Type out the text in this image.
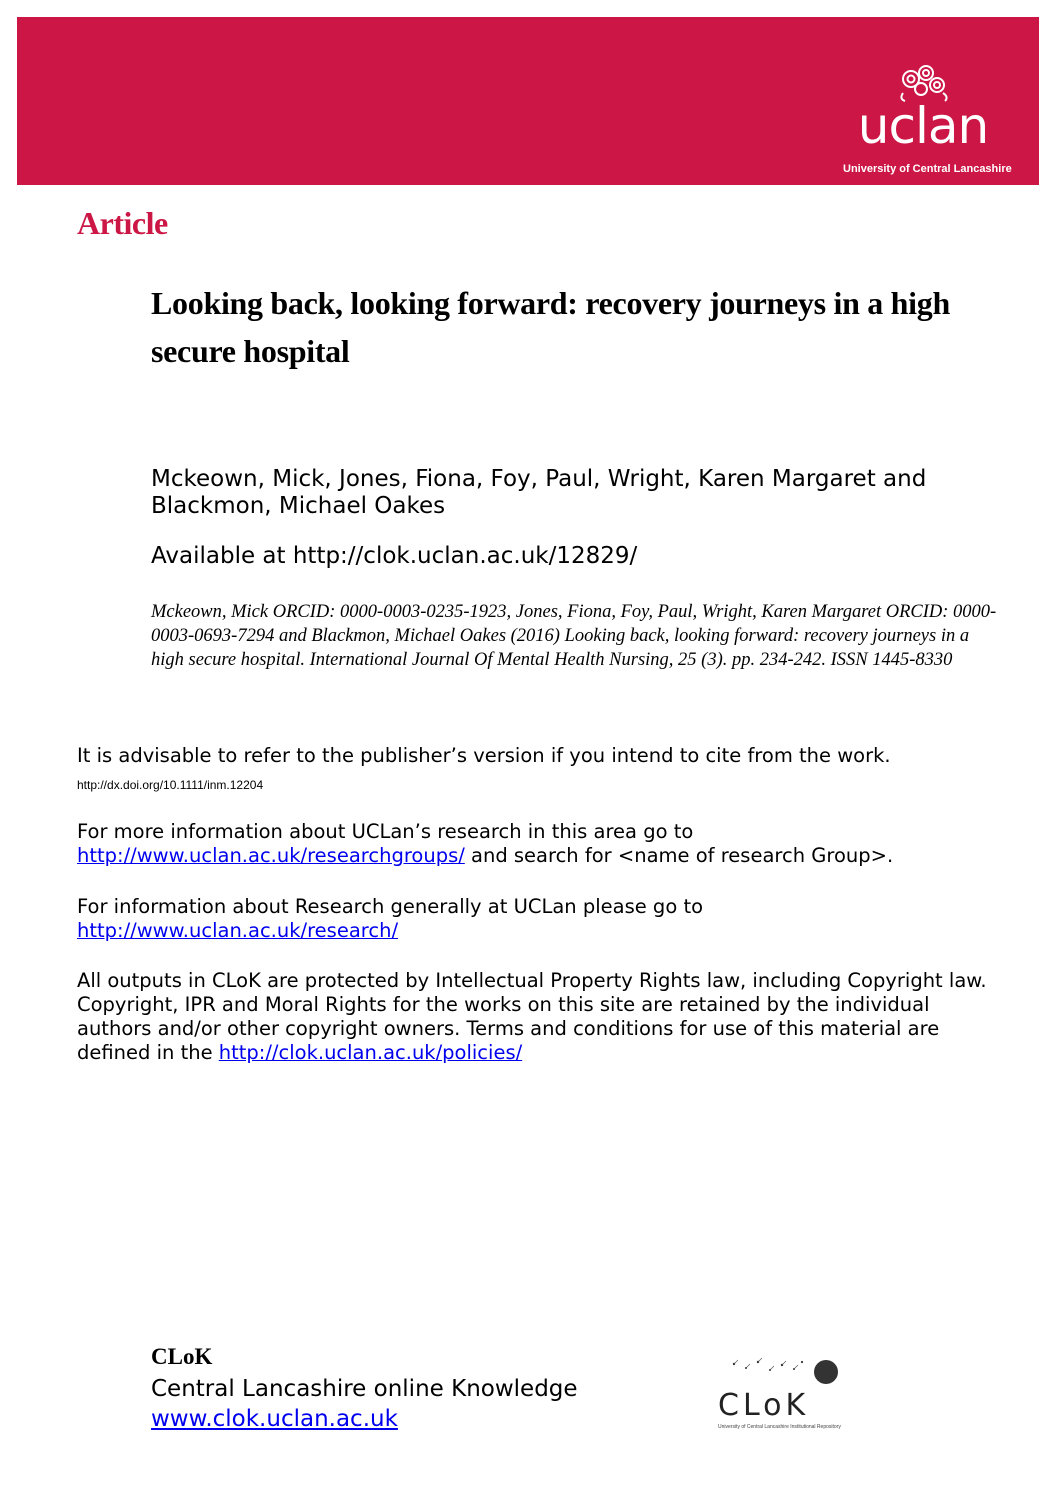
uclan
University of Central Lancashire
Article
Looking back, looking forward: recovery journeys in a high secure hospital
Mckeown, Mick, Jones, Fiona, Foy, Paul, Wright, Karen Margaret and Blackmon, Michael Oakes
Available at http://clok.uclan.ac.uk/12829/
Mckeown, Mick ORCID: 0000-0003-0235-1923, Jones, Fiona, Foy, Paul, Wright, Karen Margaret ORCID: 0000-0003-0693-7294 and Blackmon, Michael Oakes (2016) Looking back, looking forward: recovery journeys in a high secure hospital. International Journal Of Mental Health Nursing, 25 (3). pp. 234-242. ISSN 1445-8330
It is advisable to refer to the publisher’s version if you intend to cite from the work.
http://dx.doi.org/10.1111/inm.12204
For more information about UCLan’s research in this area go to
http://www.uclan.ac.uk/researchgroups/ and search for <name of research Group>.
For information about Research generally at UCLan please go to
http://www.uclan.ac.uk/research/
All outputs in CLoK are protected by Intellectual Property Rights law, including Copyright law. Copyright, IPR and Moral Rights for the works on this site are retained by the individual authors and/or other copyright owners. Terms and conditions for use of this material are defined in the http://clok.uclan.ac.uk/policies/
CLoK
Central Lancashire online Knowledge
www.clok.uclan.ac.uk	CLoK
University of Central Lancashire Institutional Repository
